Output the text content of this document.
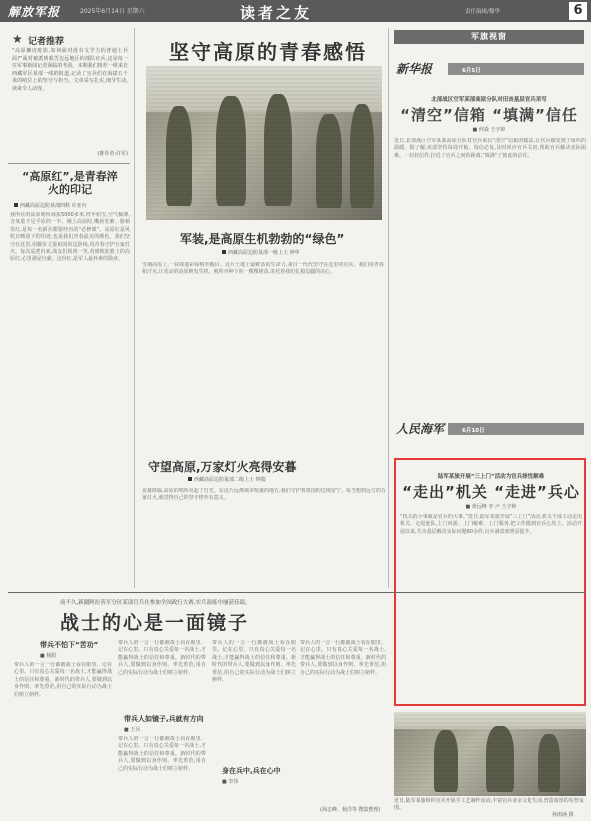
解放军报	2025年6月14日 星期六	读者之友	责任编辑/穆华	6
★ 记者推荐
“高原狮虎驼影,如何面对没有文学力的普通士兵面?”面对被派到艰苦边远地区的部队官兵,这是每一位军事新闻记者面临的考验。本期我们推荐一组来自西藏军区某部一线的报道,记录了官兵们在海拔五千米的哨位上的坚守与担当。文章采写扎实,细节生动,读来令人动容。
(推荐者:许军)
“高原红”,是青春淬火的印记
西藏高原边防某部四科 许亚台
我所在的高原哨所海拔5000多米,终年积雪,空气稀薄,含氧量不足平原的一半。刚上高原时,嘴唇发紫、脸颊发红,是每一名新兵都要经历的“必修课”。高原红是风吹日晒留下的印迹,也是我们青春最美的颜色。我们坚守在这里,用脚步丈量祖国的边防线,用青春守护万家灯火。每次巡逻归来,战友们相视一笑,看到彼此脸上的高原红,心里满是自豪。这份红,是军人最朴素的勋章。
坚守高原的青春感悟
军装,是高原生机勃勃的“绿色”
西藏高原边防某部一级上士 钟华
雪域高原上,一抹抹迷彩绿格外醒目。这片土地上最鲜活的生命力,来自一代代坚守在这里的官兵。我们用青春和汗水,让荒凉的高原焕发生机。哨所旁种下的一棵棵树苗,寄托着我们扎根边疆的决心。
守望高原,万家灯火亮得安暮
西藏高原边防某部二级上士 钟瑞
夜幕降临,高原的哨所亮起了灯光。在这片远离城市喧嚣的地方,我们守护着祖国的边境安宁。每当想到远方的万家灯火,就觉得自己的坚守格外有意义。
军旗视窗
新华报	6月5日
北部战区空军某部高原分队对田丧基层官兵采写
“清空”信箱 “填满”信任
■ 何焱 王宇婷
近日,北部战区空军某部高原分队对官兵来信“清空”信箱的做法,让官兵感受到了组织的温暖。据了解,该部坚持每周开箱、每信必复,及时回应官兵关切,帮助官兵解决实际困难。一封封信件,拉近了官兵之间的距离,“填满”了彼此的信任。
人民海军	6月10日
陆军某旅开展“三上门”活动为官兵排忧解难
“走出”机关 “走进”兵心
■ 黄远峰 李 卢 王宇婷
“机关的小事就是官兵的大事。”近日,陆军某旅开展“三上门”活动,机关干部主动走出机关、走进连队,上门问需、上门解难、上门服务,把工作做到官兵心坎上。活动开展以来,共为基层解决实际问题60余件,官兵满意度明显提升。
前不久,新疆阿拉善军分区某部官兵在参加全国政行大赛,实兵演练中屡获佳绩。
战士的心是一面镜子
带兵不怕下“苦功”
■ 杨阳
带兵人的一言一行都被战士看在眼里、记在心里。只有真心关爱每一名战士,才能赢得战士的信任和尊重。新时代的带兵人,要做到以身作则、率先垂范,用自己的实际行动为战士们树立榜样。
带兵人如镜子,兵就有方向
■ 王兵
带兵人的一言一行都被战士看在眼里、记在心里。只有真心关爱每一名战士,才能赢得战士的信任和尊重。新时代的带兵人,要做到以身作则、率先垂范,用自己的实际行动为战士们树立榜样。
带兵人的一言一行都被战士看在眼里、记在心里。只有真心关爱每一名战士,才能赢得战士的信任和尊重。新时代的带兵人,要做到以身作则、率先垂范,用自己的实际行动为战士们树立榜样。
带兵人的一言一行都被战士看在眼里、记在心里。只有真心关爱每一名战士,才能赢得战士的信任和尊重。新时代的带兵人,要做到以身作则、率先垂范,用自己的实际行动为战士们树立榜样。
身在兵中,兵在心中
■ 李伟
带兵人的一言一行都被战士看在眼里、记在心里。只有真心关爱每一名战士,才能赢得战士的信任和尊重。新时代的带兵人,要做到以身作则、率先垂范,用自己的实际行动为战士们树立榜样。
(海志峰、杨洋等 搜集整理)
近日,陆军某旅组织官兵开展手工艺制作活动,丰富官兵业余文化生活,营造浓厚的军营氛围。
孙雨涵 摄
